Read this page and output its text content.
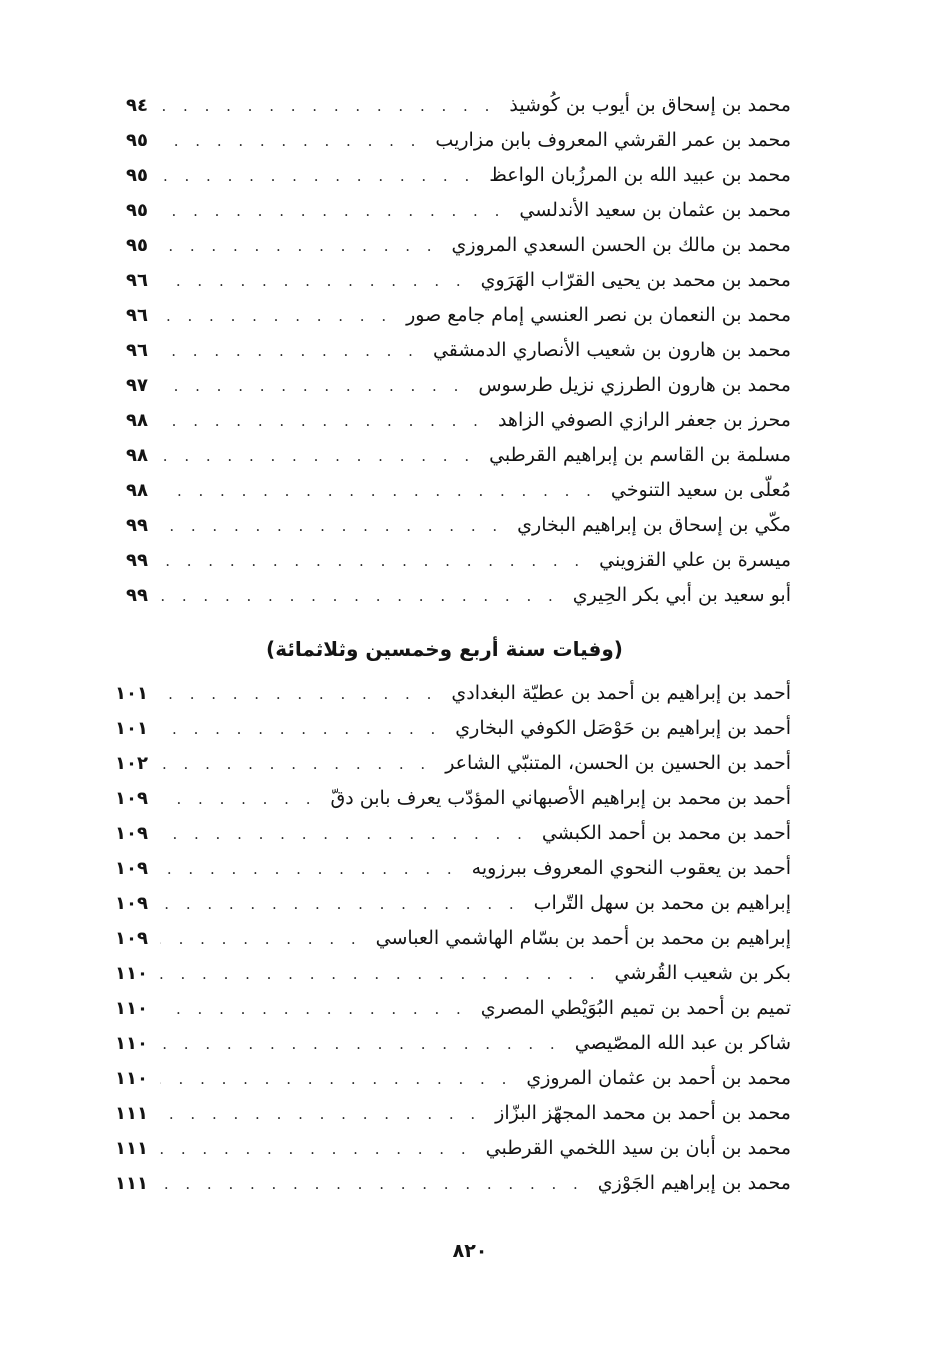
محمد بن إسحاق بن أيوب بن كُوشيذ
. . .
٩٤
محمد بن عمر القرشي المعروف بابن مزاريب
. . .
٩٥
محمد بن عبيد الله بن المرزُبان الواعظ
. . .
٩٥
محمد بن عثمان بن سعيد الأندلسي
. . .
٩٥
محمد بن مالك بن الحسن السعدي المروزي
. . .
٩٥
محمد بن محمد بن يحيى القرّاب الهَرَوي
. . .
٩٦
محمد بن النعمان بن نصر العنسي إمام جامع صور
. . .
٩٦
محمد بن هارون بن شعيب الأنصاري الدمشقي
. . .
٩٦
محمد بن هارون الطرزي نزيل طرسوس
. . .
٩٧
محرز بن جعفر الرازي الصوفي الزاهد
. . .
٩٨
مسلمة بن القاسم بن إبراهيم القرطبي
. . .
٩٨
مُعلّى بن سعيد التنوخي
. . .
٩٨
مكّي بن إسحاق بن إبراهيم البخاري
. . .
٩٩
ميسرة بن علي القزويني
. . .
٩٩
أبو سعيد بن أبي بكر الحِيري
. . .
٩٩
(وفيات سنة أربع وخمسين وثلاثمائة)
أحمد بن إبراهيم بن أحمد بن عطيّة البغدادي
. . .
١٠١
أحمد بن إبراهيم بن حَوْصَل الكوفي البخاري
. . .
١٠١
أحمد بن الحسين بن الحسن، المتنبّي الشاعر
. . .
١٠٢
أحمد بن محمد بن إبراهيم الأصبهاني المؤدّب يعرف بابن دقّ
. . .
١٠٩
أحمد بن محمد بن أحمد الكبشي
. . .
١٠٩
أحمد بن يعقوب النحوي المعروف ببرزويه
. . .
١٠٩
إبراهيم بن محمد بن سهل التّراب
. . .
١٠٩
إبراهيم بن محمد بن أحمد بن بسّام الهاشمي العباسي
. . .
١٠٩
بكر بن شعيب القُرشي
. . .
١١٠
تميم بن أحمد بن تميم البُوَيْطي المصري
. . .
١١٠
شاكر بن عبد الله المصّيصي
. . .
١١٠
محمد بن أحمد بن عثمان المروزي
. . .
١١٠
محمد بن أحمد بن محمد المجهّز البزّاز
. . .
١١١
محمد بن أبان بن سيد اللخمي القرطبي
. . .
١١١
محمد بن إبراهيم الجَوْزي
. . .
١١١
٨٢٠
